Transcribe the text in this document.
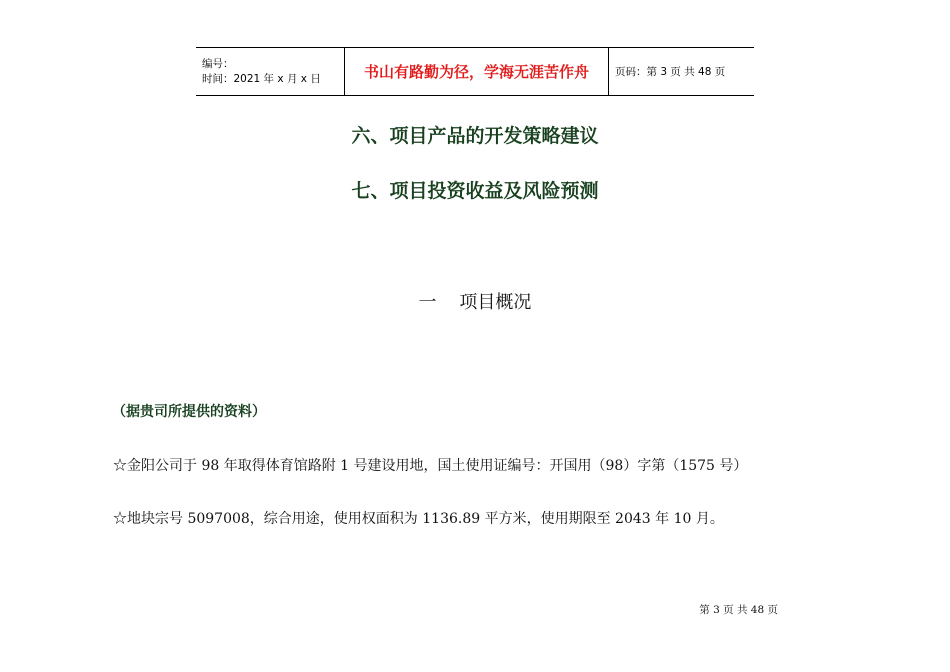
编号：
时间：2021 年 x 月 x 日	书山有路勤为径，学海无涯苦作舟	页码：第 3 页 共 48 页
六、项目产品的开发策略建议
七、项目投资收益及风险预测
一    项目概况
（据贵司所提供的资料）
☆金阳公司于 98 年取得体育馆路附 1 号建设用地，国土使用证编号：开国用（98）字第（1575 号）
☆地块宗号 5097008，综合用途，使用权面积为 1136.89 平方米，使用期限至 2043 年 10 月。
第 3 页 共 48 页
